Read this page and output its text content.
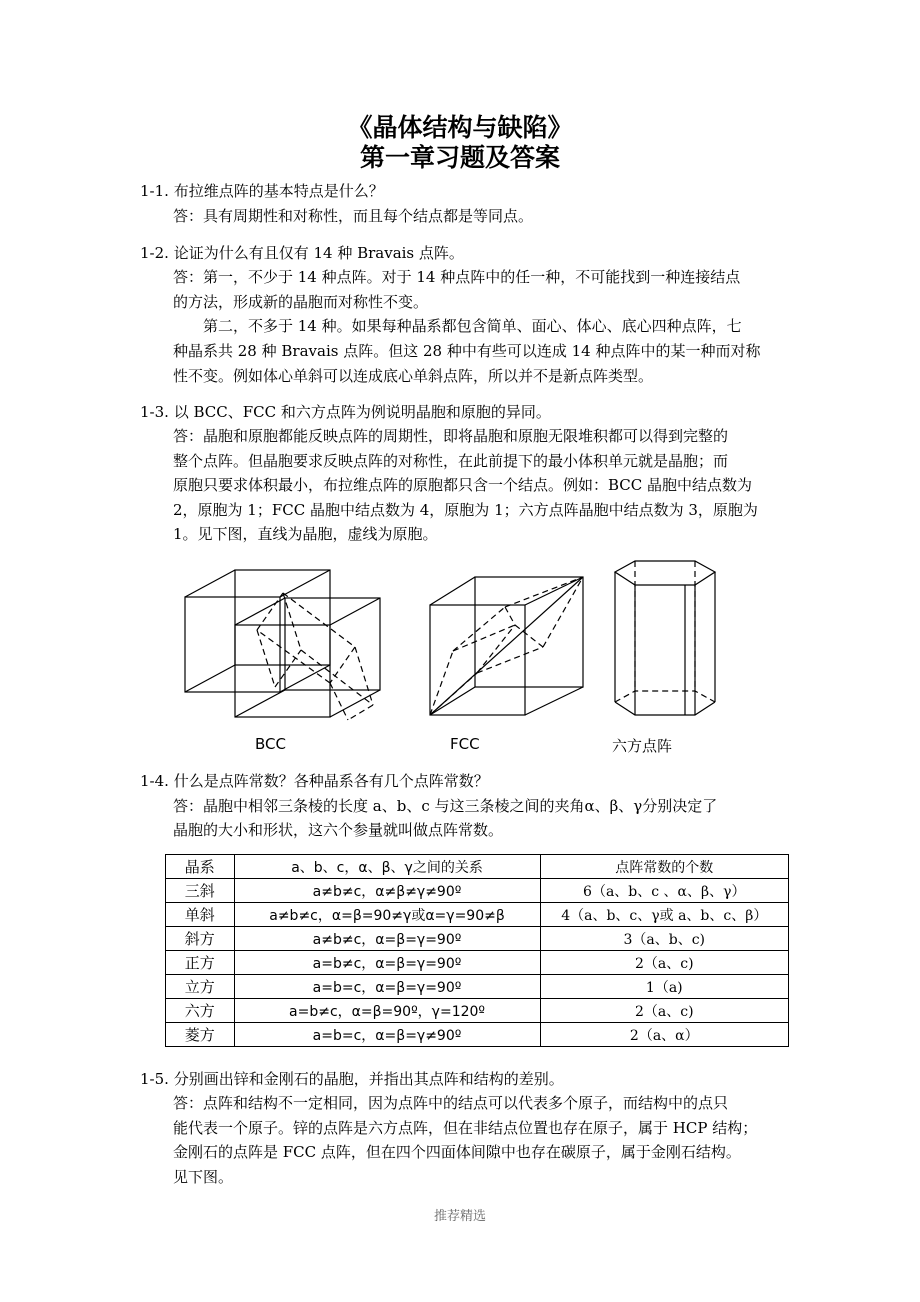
《晶体结构与缺陷》
第一章习题及答案
1-1. 布拉维点阵的基本特点是什么？
答：具有周期性和对称性，而且每个结点都是等同点。
1-2. 论证为什么有且仅有 14 种 Bravais 点阵。
答：第一，不少于 14 种点阵。对于 14 种点阵中的任一种，不可能找到一种连接结点
的方法，形成新的晶胞而对称性不变。
第二，不多于 14 种。如果每种晶系都包含简单、面心、体心、底心四种点阵，七
种晶系共 28 种 Bravais 点阵。但这 28 种中有些可以连成 14 种点阵中的某一种而对称
性不变。例如体心单斜可以连成底心单斜点阵，所以并不是新点阵类型。
1-3. 以 BCC、FCC 和六方点阵为例说明晶胞和原胞的异同。
答：晶胞和原胞都能反映点阵的周期性，即将晶胞和原胞无限堆积都可以得到完整的
整个点阵。但晶胞要求反映点阵的对称性，在此前提下的最小体积单元就是晶胞；而
原胞只要求体积最小，布拉维点阵的原胞都只含一个结点。例如：BCC 晶胞中结点数为
2，原胞为 1；FCC 晶胞中结点数为 4，原胞为 1；六方点阵晶胞中结点数为 3，原胞为
1。见下图，直线为晶胞，虚线为原胞。
BCC	FCC	六方点阵
1-4. 什么是点阵常数？各种晶系各有几个点阵常数？
答：晶胞中相邻三条棱的长度 a、b、c 与这三条棱之间的夹角α、β、γ分别决定了
晶胞的大小和形状，这六个参量就叫做点阵常数。
晶系	a、b、c，α、β、γ之间的关系	点阵常数的个数
三斜	a≠b≠c，α≠β≠γ≠90º	6（a、b、c 、α、β、γ）
单斜	a≠b≠c，α=β=90≠γ或α=γ=90≠β	4（a、b、c、γ或 a、b、c、β）
斜方	a≠b≠c，α=β=γ=90º	3（a、b、c)
正方	a=b≠c，α=β=γ=90º	2（a、c)
立方	a=b=c，α=β=γ=90º	1（a)
六方	a=b≠c，α=β=90º，γ=120º	2（a、c)
菱方	a=b=c，α=β=γ≠90º	2（a、α）
1-5. 分别画出锌和金刚石的晶胞，并指出其点阵和结构的差别。
答：点阵和结构不一定相同，因为点阵中的结点可以代表多个原子，而结构中的点只
能代表一个原子。锌的点阵是六方点阵，但在非结点位置也存在原子，属于 HCP 结构；
金刚石的点阵是 FCC 点阵，但在四个四面体间隙中也存在碳原子，属于金刚石结构。
见下图。
推荐精选
